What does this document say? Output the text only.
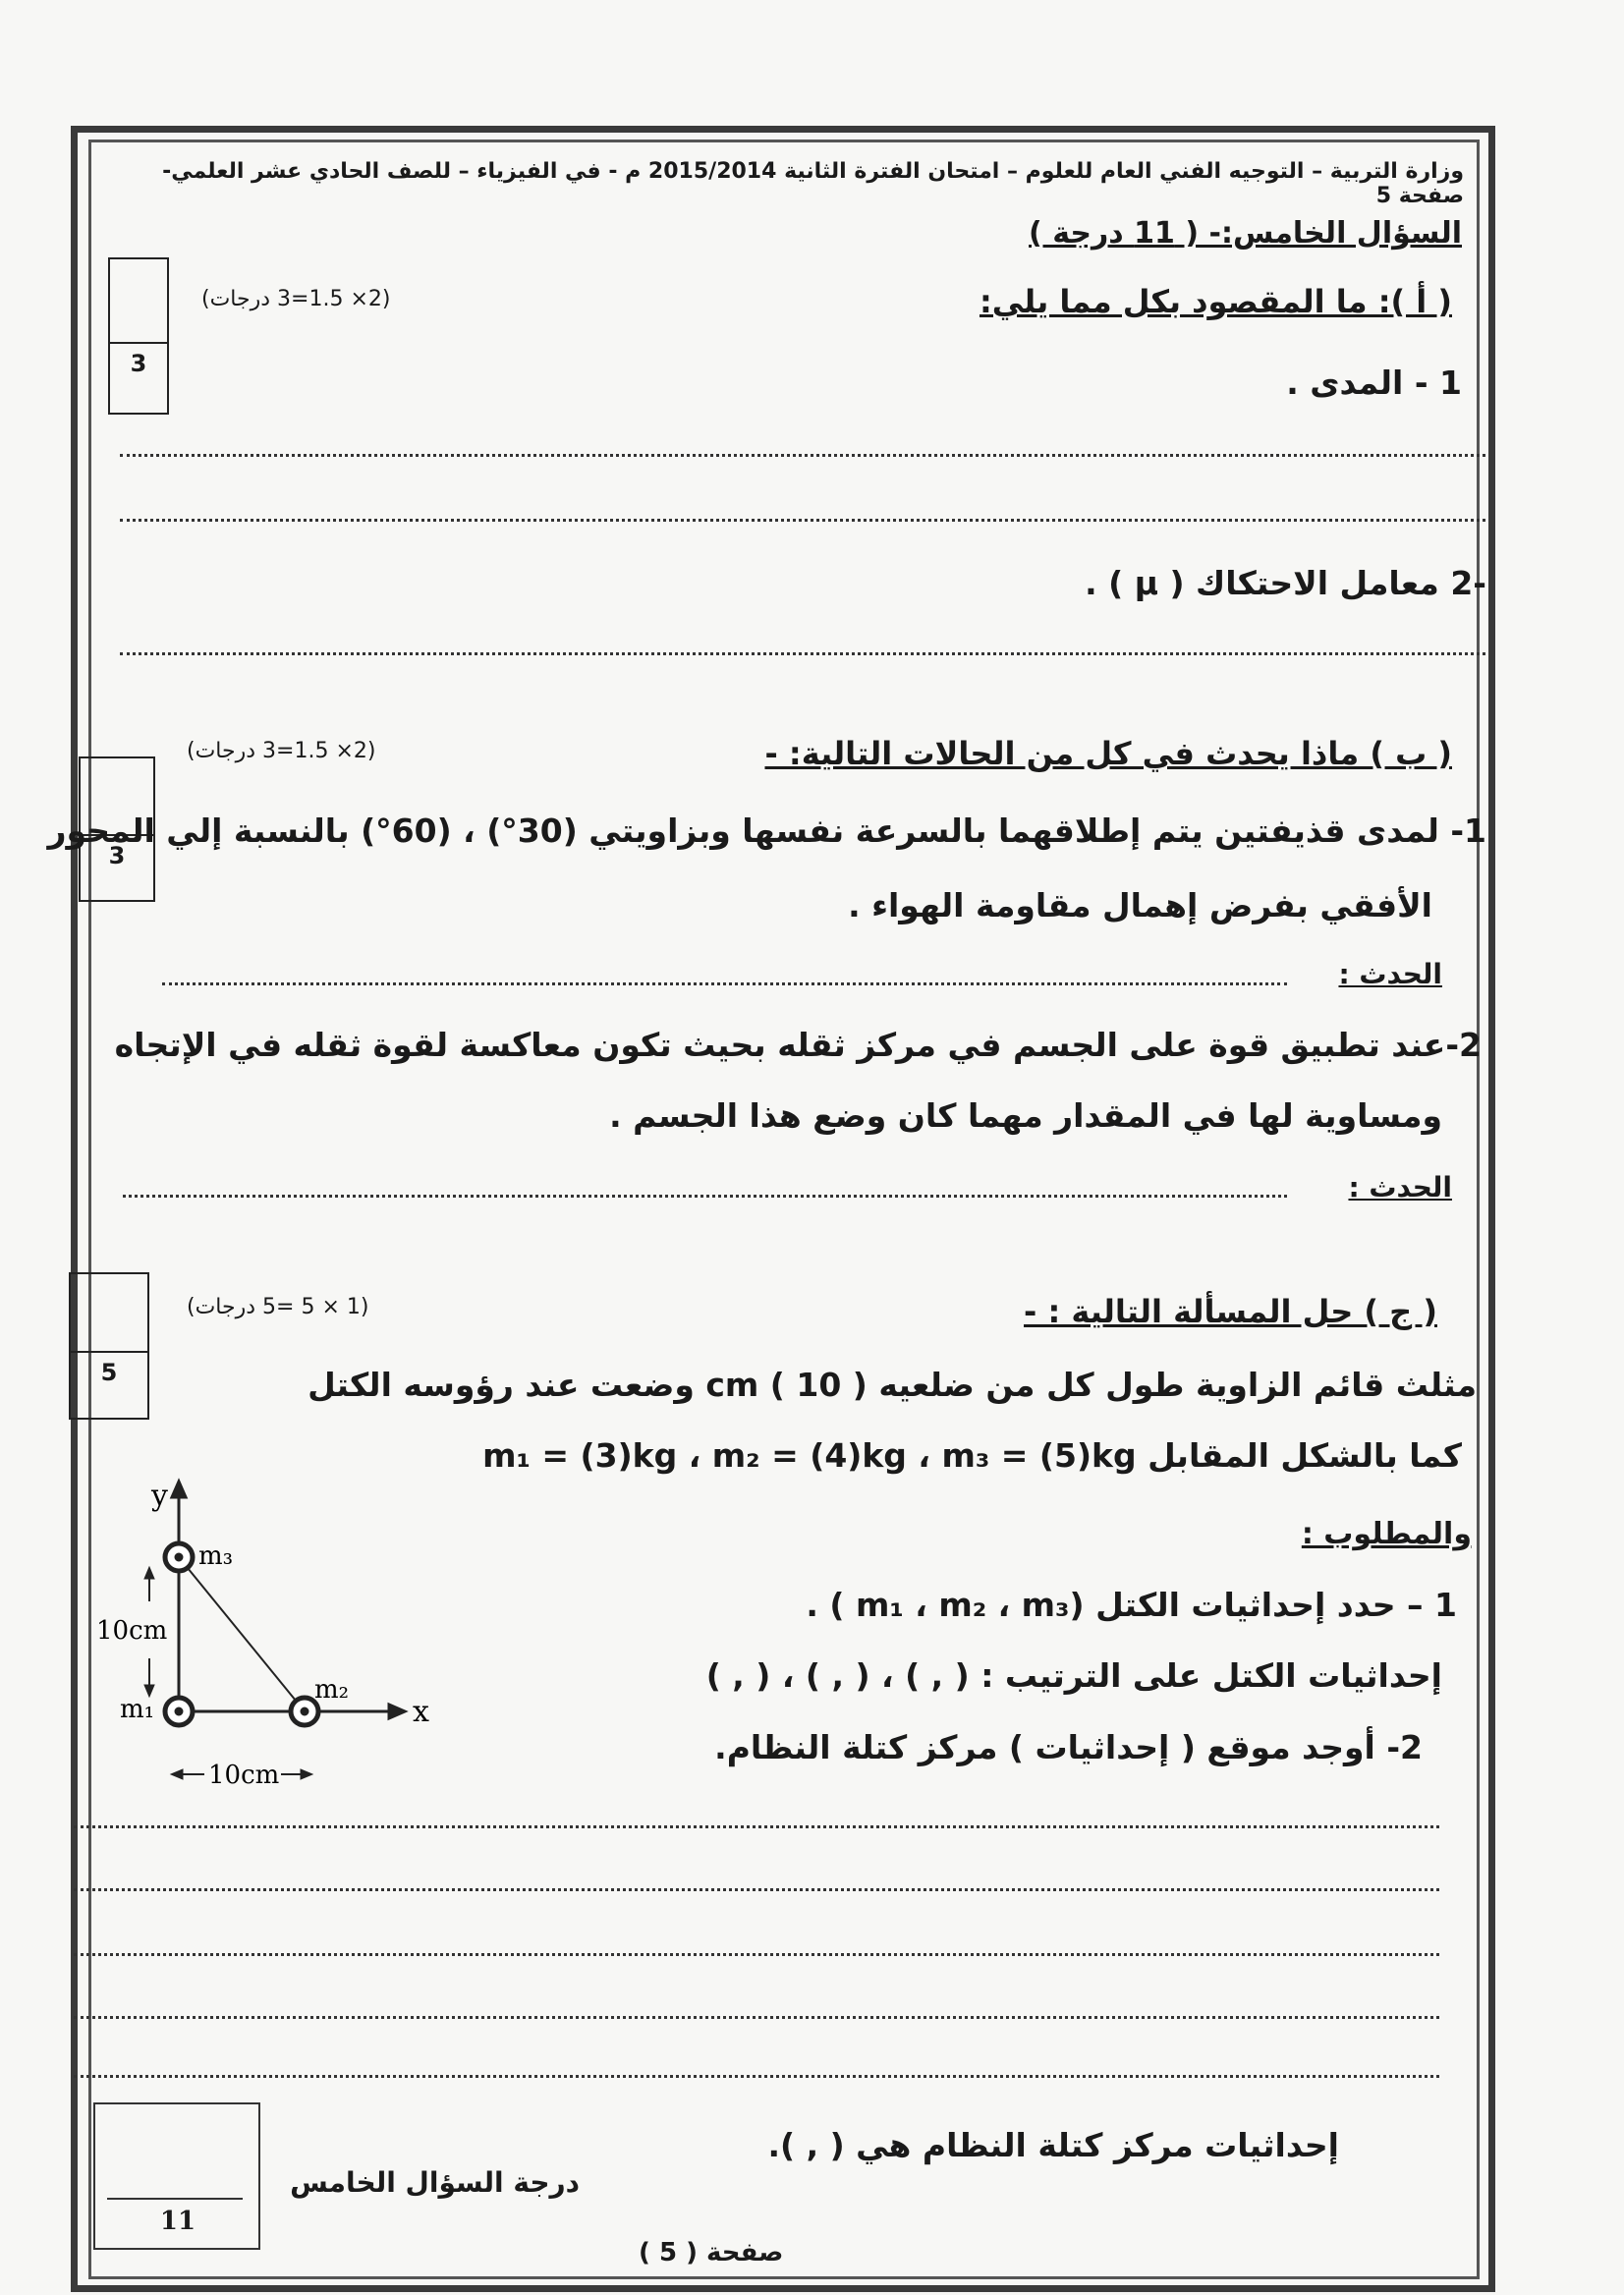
وزارة التربية – التوجيه الفني العام للعلوم – امتحان الفترة الثانية 2015/2014 م - في الفيزياء – للصف الحادي عشر العلمي- صفحة 5
السؤال الخامس:- ( 11 درجة )
3
(2× 1.5=3 درجات)	( أ ): ما المقصود بكل مما يلي:
1 - المدى .
-2 معامل الاحتكاك ( μ ) .
3
(2× 1.5=3 درجات)	( ب ) ماذا يحدث في كل من الحالات التالية: -
1- لمدى قذيفتين يتم إطلاقهما بالسرعة نفسها وبزاويتي (30°) ، (60°) بالنسبة إلي المحور
الأفقي بفرض إهمال مقاومة الهواء .
الحدث :
2-عند تطبيق قوة على الجسم في مركز ثقله بحيث تكون معاكسة لقوة ثقله في الإتجاه
ومساوية لها في المقدار مهما كان وضع هذا الجسم .
الحدث :
5
(1 × 5 =5 درجات)	( ج ) حل المسألة التالية : -
مثلث قائم الزاوية طول كل من ضلعيه cm ( 10 ) وضعت عند رؤوسه الكتل
m₁ = (3)kg ، m₂ = (4)kg ، m₃ = (5)kg كما بالشكل المقابل
والمطلوب :
1 – حدد إحداثيات الكتل (m₁ ، m₂ ، m₃ ) .
إحداثيات الكتل على الترتيب : ( , ) ، ( , ) ، ( , )
2- أوجد موقع ( إحداثيات ) مركز كتلة النظام.
y
x
m₃
m₁
m₂
10cm
10cm
إحداثيات مركز كتلة النظام هي ( , ).
11
درجة السؤال الخامس
صفحة ( 5 )
